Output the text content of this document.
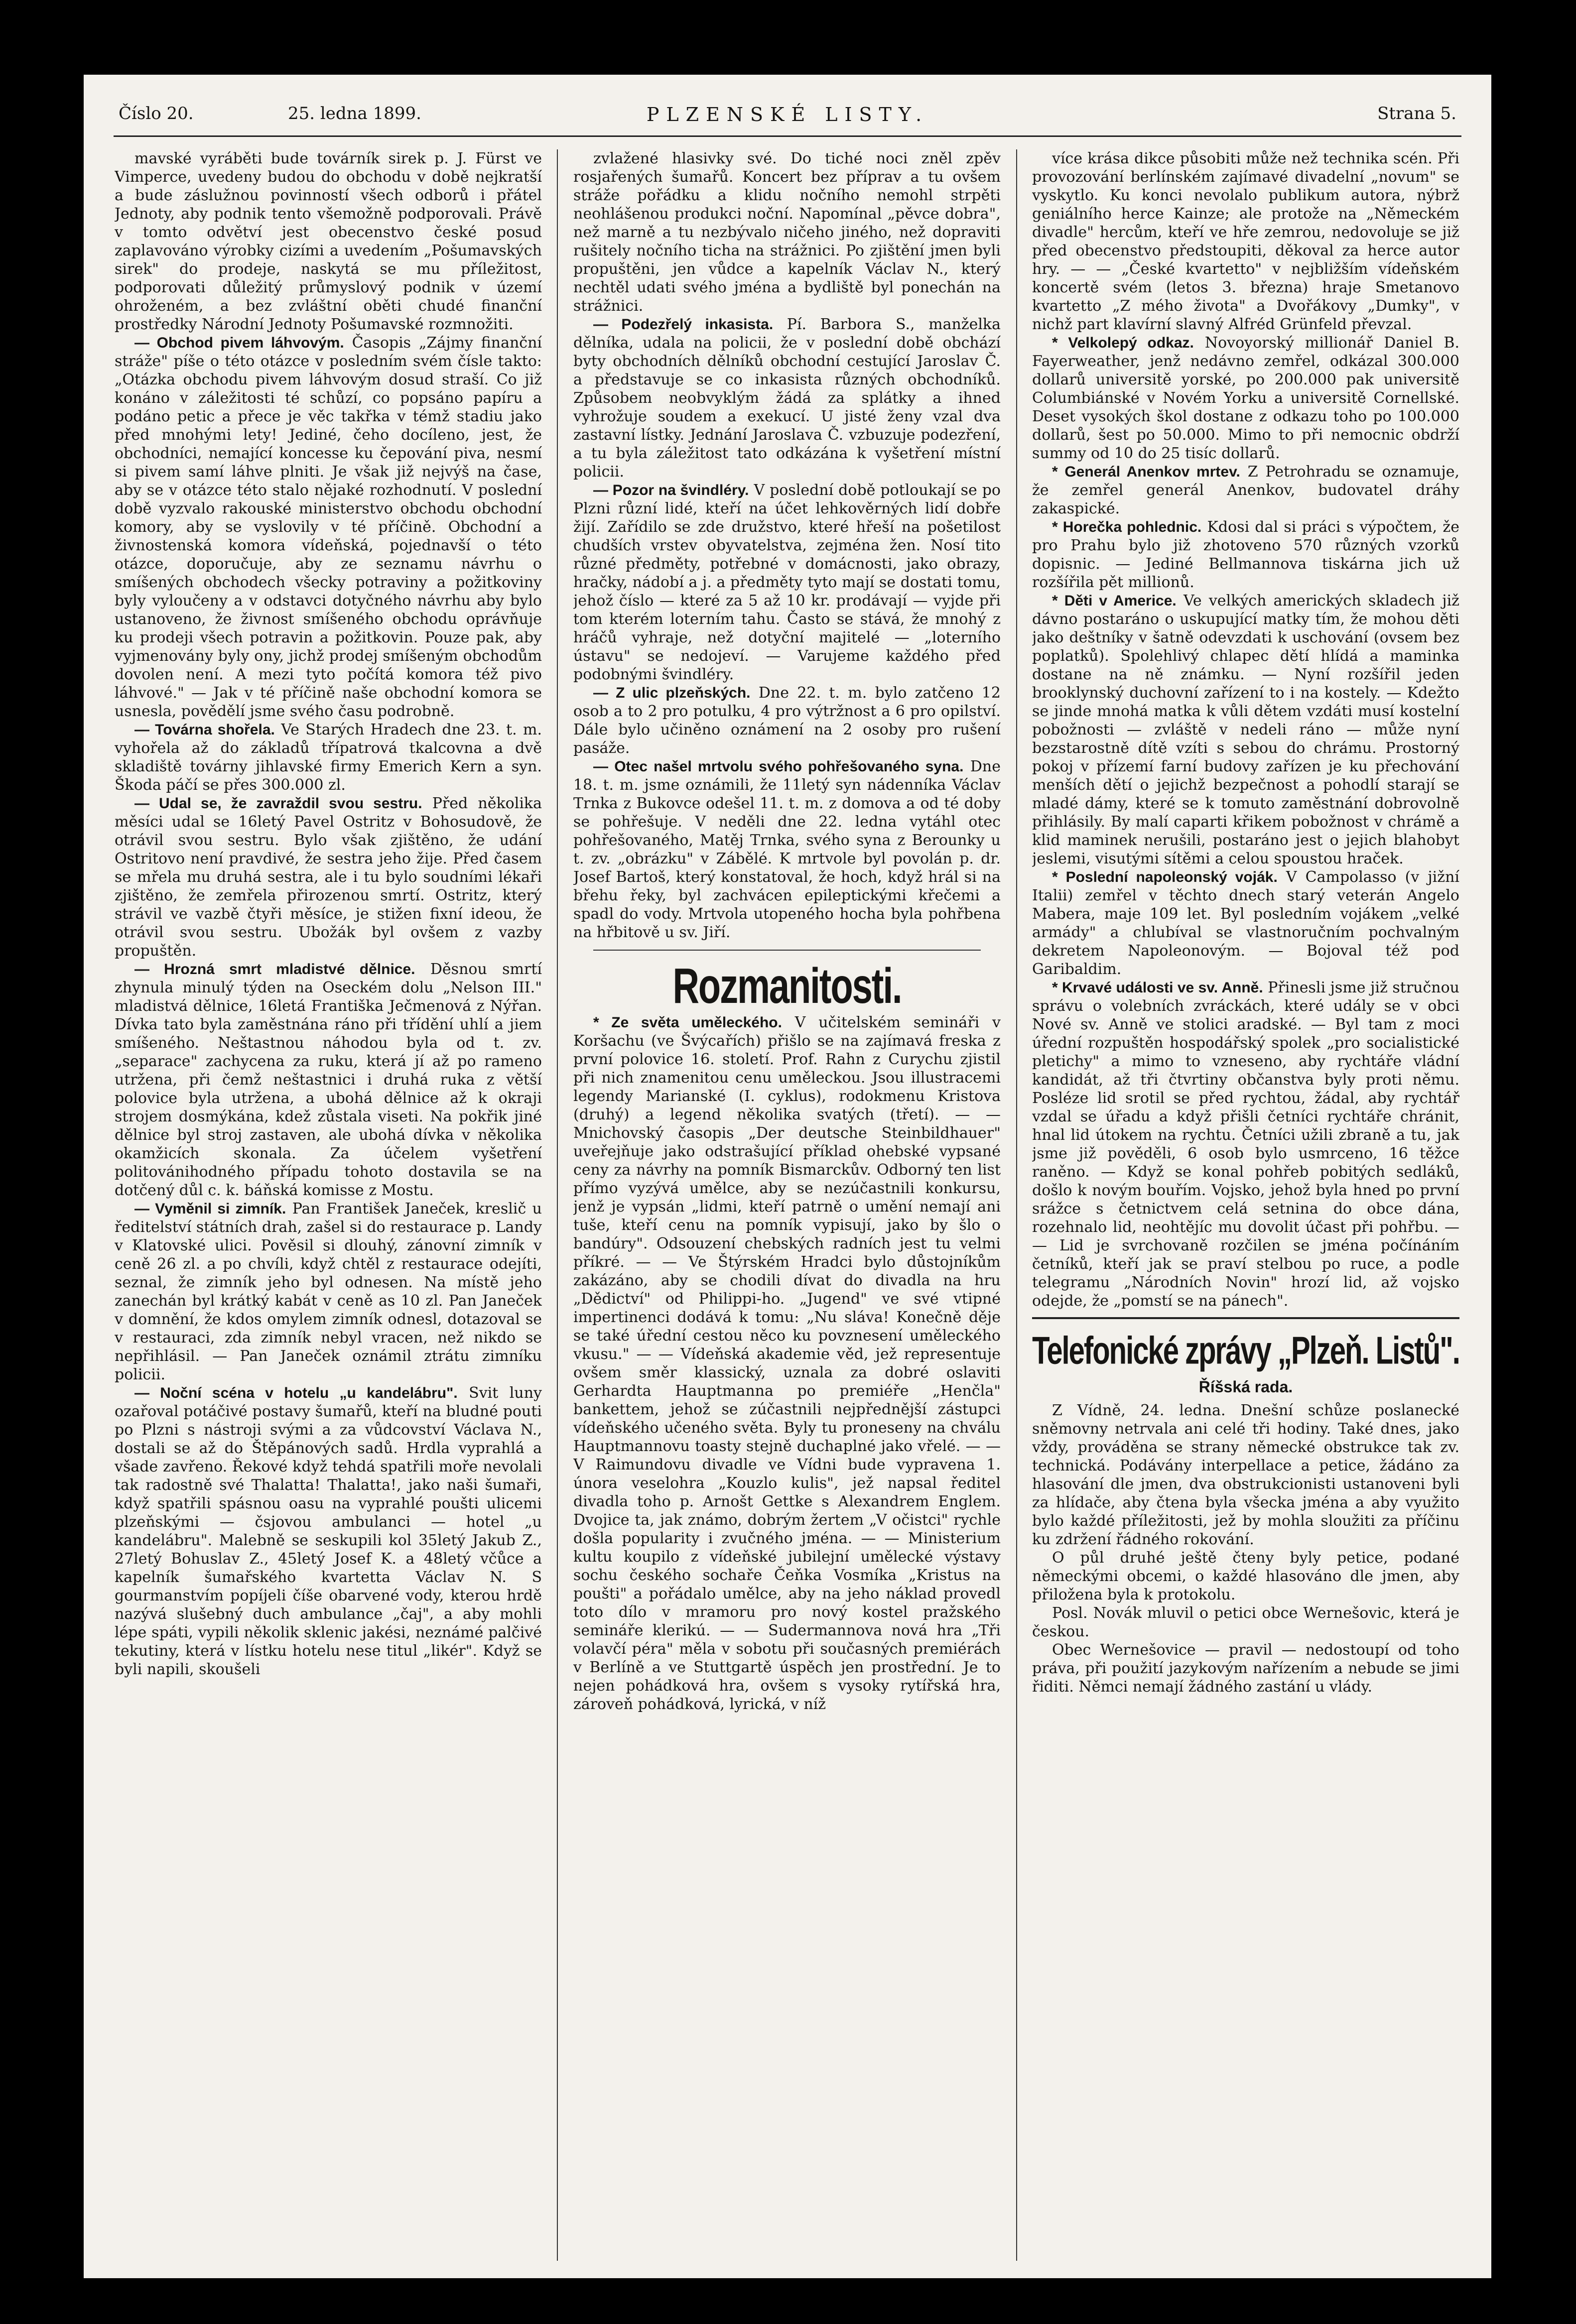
Číslo 20.	25. ledna 1899.	PLZENSKÉ LISTY.	Strana 5.

mavské vyráběti bude továrník sirek p. J. Fürst ve Vimperce, uvedeny budou do obchodu v době nejkratší a bude záslužnou povinností všech odborů i přátel Jednoty, aby podnik tento všemožně podporovali. Právě v tomto odvětví jest obecenstvo české posud zaplavováno výrobky cizími a uvedením „Pošumavských sirek" do prodeje, naskytá se mu příležitost, podporovati důležitý průmyslový podnik v území ohroženém, a bez zvláštní oběti chudé finanční prostředky Národní Jednoty Pošumavské rozmnožiti.

— Obchod pivem láhvovým. Časopis „Zájmy finanční stráže" píše o této otázce v posledním svém čísle takto: „Otázka obchodu pivem láhvovým dosud straší. Co již konáno v záležitosti té schůzí, co popsáno papíru a podáno petic a přece je věc takřka v témž stadiu jako před mnohými lety! Jediné, čeho docíleno, jest, že obchodníci, nemající koncesse ku čepování piva, nesmí si pivem samí láhve plniti. Je však již nejvýš na čase, aby se v otázce této stalo nějaké rozhodnutí. V poslední době vyzvalo rakouské ministerstvo obchodu obchodní komory, aby se vyslovily v té příčině. Obchodní a živnostenská komora vídeňská, pojednavší o této otázce, doporučuje, aby ze seznamu návrhu o smíšených obchodech všecky potraviny a požitkoviny byly vyloučeny a v odstavci dotyčného návrhu aby bylo ustanoveno, že živnost smíšeného obchodu oprávňuje ku prodeji všech potravin a požitkovin. Pouze pak, aby vyjmenovány byly ony, jichž prodej smíšeným obchodům dovolen není. A mezi tyto počítá komora též pivo láhvové." — Jak v té příčině naše obchodní komora se usnesla, povědělí jsme svého času podrobně.

— Továrna shořela. Ve Starých Hradech dne 23. t. m. vyhořela až do základů třípatrová tkalcovna a dvě skladiště továrny jihlavské firmy Emerich Kern a syn. Škoda páčí se přes 300.000 zl.

— Udal se, že zavraždil svou sestru. Před několika měsíci udal se 16letý Pavel Ostritz v Bohosudově, že otrávil svou sestru. Bylo však zjištěno, že udání Ostritovo není pravdivé, že sestra jeho žije. Před časem se mřela mu druhá sestra, ale i tu bylo soudními lékaři zjištěno, že zemřela přirozenou smrtí. Ostritz, který strávil ve vazbě čtyři měsíce, je stižen fixní ideou, že otrávil svou sestru. Ubožák byl ovšem z vazby propuštěn.

— Hrozná smrt mladistvé dělnice. Děsnou smrtí zhynula minulý týden na Oseckém dolu „Nelson III." mladistvá dělnice, 16letá Františka Ječmenová z Nýřan. Dívka tato byla zaměstnána ráno při třídění uhlí a jiem smíšeného. Neštastnou náhodou byla od t. zv. „separace" zachycena za ruku, která jí až po rameno utržena, při čemž neštastnici i druhá ruka z větší polovice byla utržena, a ubohá dělnice až k okraji strojem dosmýkána, kdež zůstala viseti. Na pokřik jiné dělnice byl stroj zastaven, ale ubohá dívka v několika okamžicích skonala. Za účelem vyšetření politovánihodného případu tohoto dostavila se na dotčený důl c. k. báňská komisse z Mostu.

— Vyměnil si zimník. Pan František Janeček, kreslič u ředitelství státních drah, zašel si do restaurace p. Landy v Klatovské ulici. Pověsil si dlouhý, zánovní zimník v ceně 26 zl. a po chvíli, když chtěl z restaurace odejíti, seznal, že zimník jeho byl odnesen. Na místě jeho zanechán byl krátký kabát v ceně as 10 zl. Pan Janeček v domnění, že kdos omylem zimník odnesl, dotazoval se v restauraci, zda zimník nebyl vracen, než nikdo se nepřihlásil. — Pan Janeček oznámil ztrátu zimníku policii.

— Noční scéna v hotelu „u kandelábru". Svit luny ozařoval potáčivé postavy šumařů, kteří na bludné pouti po Plzni s nástroji svými a za vůdcovství Václava N., dostali se až do Štěpánových sadů. Hrdla vyprahlá a všade zavřeno. Řekové když tehdá spatřili moře nevolali tak radostně své Thalatta! Thalatta!, jako naši šumaři, když spatřili spásnou oasu na vyprahlé poušti ulicemi plzeňskými — čsjovou ambulanci — hotel „u kandelábru". Malebně se seskupili kol 35letý Jakub Z., 27letý Bohuslav Z., 45letý Josef K. a 48letý včůce a kapelník šumařského kvartetta Václav N. S gourmanstvím popíjeli číše obarvené vody, kterou hrdě nazývá slušebný duch ambulance „čaj", a aby mohli lépe spáti, vypili několik sklenic jakési, neznámé palčivé tekutiny, která v lístku hotelu nese titul „likér". Když se byli napili, skoušeli

zvlažené hlasivky své. Do tiché noci zněl zpěv rosjařených šumařů. Koncert bez příprav a tu ovšem stráže pořádku a klidu nočního nemohl strpěti neohlášenou produkci noční. Napomínal „pěvce dobra", než marně a tu nezbývalo ničeho jiného, než dopraviti rušitely nočního ticha na strážnici. Po zjištění jmen byli propuštěni, jen vůdce a kapelník Václav N., který nechtěl udati svého jména a bydliště byl ponechán na strážnici.

— Podezřelý inkasista. Pí. Barbora S., manželka dělníka, udala na policii, že v poslední době obchází byty obchodních dělníků obchodní cestující Jaroslav Č. a představuje se co inkasista různých obchodníků. Způsobem neobvyklým žádá za splátky a ihned vyhrožuje soudem a exekucí. U jisté ženy vzal dva zastavní lístky. Jednání Jaroslava Č. vzbuzuje podezření, a tu byla záležitost tato odkázána k vyšetření místní policii.

— Pozor na švindléry. V poslední době potloukají se po Plzni různí lidé, kteří na účet lehkověrných lidí dobře žijí. Zařídilo se zde družstvo, které hřeší na pošetilost chudších vrstev obyvatelstva, zejména žen. Nosí tito různé předměty, potřebné v domácnosti, jako obrazy, hračky, nádobí a j. a předměty tyto mají se dostati tomu, jehož číslo — které za 5 až 10 kr. prodávají — vyjde při tom kterém loterním tahu. Často se stává, že mnohý z hráčů vyhraje, než dotyční majitelé — „loterního ústavu" se nedojeví. — Varujeme každého před podobnými švindléry.

— Z ulic plzeňských. Dne 22. t. m. bylo zatčeno 12 osob a to 2 pro potulku, 4 pro výtržnost a 6 pro opilství. Dále bylo učiněno oznámení na 2 osoby pro rušení pasáže.

— Otec našel mrtvolu svého pohřešovaného syna. Dne 18. t. m. jsme oznámili, že 11letý syn nádenníka Václav Trnka z Bukovce odešel 11. t. m. z domova a od té doby se pohřešuje. V neděli dne 22. ledna vytáhl otec pohřešovaného, Matěj Trnka, svého syna z Berounky u t. zv. „obrázku" v Zábělé. K mrtvole byl povolán p. dr. Josef Bartoš, který konstatoval, že hoch, když hrál si na břehu řeky, byl zachvácen epileptickými křečemi a spadl do vody. Mrtvola utopeného hocha byla pohřbena na hřbitově u sv. Jiří.

Rozmanitosti.

* Ze světa uměleckého. V učitelském semináři v Koršachu (ve Švýcařích) přišlo se na zajímavá freska z první polovice 16. století. Prof. Rahn z Curychu zjistil při nich znamenitou cenu uměleckou. Jsou illustracemi legendy Marianské (I. cyklus), rodokmenu Kristova (druhý) a legend několika svatých (třetí). — — Mnichovský časopis „Der deutsche Steinbildhauer" uveřejňuje jako odstrašující příklad ohebské vypsané ceny za návrhy na pomník Bismarckův. Odborný ten list přímo vyzývá umělce, aby se nezúčastnili konkursu, jenž je vypsán „lidmi, kteří patrně o umění nemají ani tuše, kteří cenu na pomník vypisují, jako by šlo o bandúry". Odsouzení chebských radních jest tu velmi příkré. — — Ve Štýrském Hradci bylo důstojníkům zakázáno, aby se chodili dívat do divadla na hru „Dědictví" od Philippi-ho. „Jugend" ve své vtipné impertinenci dodává k tomu: „Nu sláva! Konečně děje se také úřední cestou něco ku povznesení uměleckého vkusu." — — Vídeňská akademie věd, jež representuje ovšem směr klassický, uznala za dobré oslaviti Gerhardta Hauptmanna po premiéře „Henčla" bankettem, jehož se zúčastnili nejpřednější zástupci vídeňského učeného světa. Byly tu proneseny na chválu Hauptmannovu toasty stejně duchaplné jako vřelé. — — V Raimundovu divadle ve Vídni bude vypravena 1. února veselohra „Kouzlo kulis", jež napsal ředitel divadla toho p. Arnošt Gettke s Alexandrem Englem. Dvojice ta, jak známo, dobrým žertem „V očistci" rychle došla popularity i zvučného jména. — — Ministerium kultu koupilo z vídeňské jubilejní umělecké výstavy sochu českého sochaře Čeňka Vosmíka „Kristus na poušti" a pořádalo umělce, aby na jeho náklad provedl toto dílo v mramoru pro nový kostel pražského semináře klerikú. — — Sudermannova nová hra „Tři volavčí péra" měla v sobotu při současných premiérách v Berlíně a ve Stuttgartě úspěch jen prostřední. Je to nejen pohádková hra, ovšem s vysoky rytířská hra, zároveň pohádková, lyrická, v níž

více krása dikce působiti může než technika scén. Při provozování berlínském zajímavé divadelní „novum" se vyskytlo. Ku konci nevolalo publikum autora, nýbrž geniálního herce Kainze; ale protože na „Německém divadle" hercům, kteří ve hře zemrou, nedovoluje se již před obecenstvo předstoupiti, děkoval za herce autor hry. — — „České kvartetto" v nejbližším vídeňském koncertě svém (letos 3. března) hraje Smetanovo kvartetto „Z mého života" a Dvořákovy „Dumky", v nichž part klavírní slavný Alfréd Grünfeld převzal.

* Velkolepý odkaz. Novoyorský millionář Daniel B. Fayerweather, jenž nedávno zemřel, odkázal 300.000 dollarů universitě yorské, po 200.000 pak universitě Columbiánské v Novém Yorku a universitě Cornellské. Deset vysokých škol dostane z odkazu toho po 100.000 dollarů, šest po 50.000. Mimo to při nemocnic obdrží summy od 10 do 25 tisíc dollarů.

* Generál Anenkov mrtev. Z Petrohradu se oznamuje, že zemřel generál Anenkov, budovatel dráhy zakaspické.

* Horečka pohlednic. Kdosi dal si práci s výpočtem, že pro Prahu bylo již zhotoveno 570 různých vzorků dopisnic. — Jediné Bellmannova tiskárna jich už rozšířila pět millionů.

* Děti v Americe. Ve velkých amerických skladech již dávno postaráno o uskupující matky tím, že mohou děti jako deštníky v šatně odevzdati k uschování (ovsem bez poplatků). Spolehlivý chlapec dětí hlídá a maminka dostane na ně známku. — Nyní rozšířil jeden brooklynský duchovní zařízení to i na kostely. — Kdežto se jinde mnohá matka k vůli dětem vzdáti musí kostelní pobožnosti — zvláště v nedeli ráno — může nyní bezstarostně dítě vzíti s sebou do chrámu. Prostorný pokoj v přízemí farní budovy zařízen je ku přechování menších dětí o jejichž bezpečnost a pohodlí starají se mladé dámy, které se k tomuto zaměstnání dobrovolně přihlásily. By malí caparti křikem pobožnost v chrámě a klid maminek nerušili, postaráno jest o jejich blahobyt jeslemi, visutými sítěmi a celou spoustou hraček.

* Poslední napoleonský voják. V Campolasso (v jižní Italii) zemřel v těchto dnech starý veterán Angelo Mabera, maje 109 let. Byl posledním vojákem „velké armády" a chlubíval se vlastnoručním pochvalným dekretem Napoleonovým. — Bojoval též pod Garibaldim.

* Krvavé události ve sv. Anně. Přinesli jsme již stručnou správu o volebních zvráckách, které udály se v obci Nové sv. Anně ve stolici aradské. — Byl tam z moci úřední rozpuštěn hospodářský spolek „pro socialistické pletichy" a mimo to vzneseno, aby rychtáře vládní kandidát, až tři čtvrtiny občanstva byly proti němu. Posléze lid srotil se před rychtou, žádal, aby rychtář vzdal se úřadu a když přišli četníci rychtáře chránit, hnal lid útokem na rychtu. Četníci užili zbraně a tu, jak jsme již pověděli, 6 osob bylo usmrceno, 16 těžce raněno. — Když se konal pohřeb pobitých sedláků, došlo k novým bouřím. Vojsko, jehož byla hned po první srážce s četnictvem celá setnina do obce dána, rozehnalo lid, neohtějíc mu dovolit účast při pohřbu. — — Lid je svrchovaně rozčilen se jména počínáním četníků, kteří jak se praví stelbou po ruce, a podle telegramu „Národních Novin" hrozí lid, až vojsko odejde, že „pomstí se na pánech".

Telefonické zprávy „Plzeň. Listů".
Říšská rada.

Z Vídně, 24. ledna. Dnešní schůze poslanecké sněmovny netrvala ani celé tři hodiny. Také dnes, jako vždy, prováděna se strany německé obstrukce tak zv. technická. Podávány interpellace a petice, žádáno za hlasování dle jmen, dva obstrukcionisti ustanoveni byli za hlídače, aby čtena byla všecka jména a aby využito bylo každé příležitosti, jež by mohla sloužiti za příčinu ku zdržení řádného rokování.

O půl druhé ještě čteny byly petice, podané německými obcemi, o každé hlasováno dle jmen, aby přiložena byla k protokolu.

Posl. Novák mluvil o petici obce Wernešovic, která je českou.

Obec Wernešovice — pravil — nedostoupí od toho práva, při použití jazykovým nařízením a nebude se jimi řiditi. Němci nemají žádného zastání u vlády.
